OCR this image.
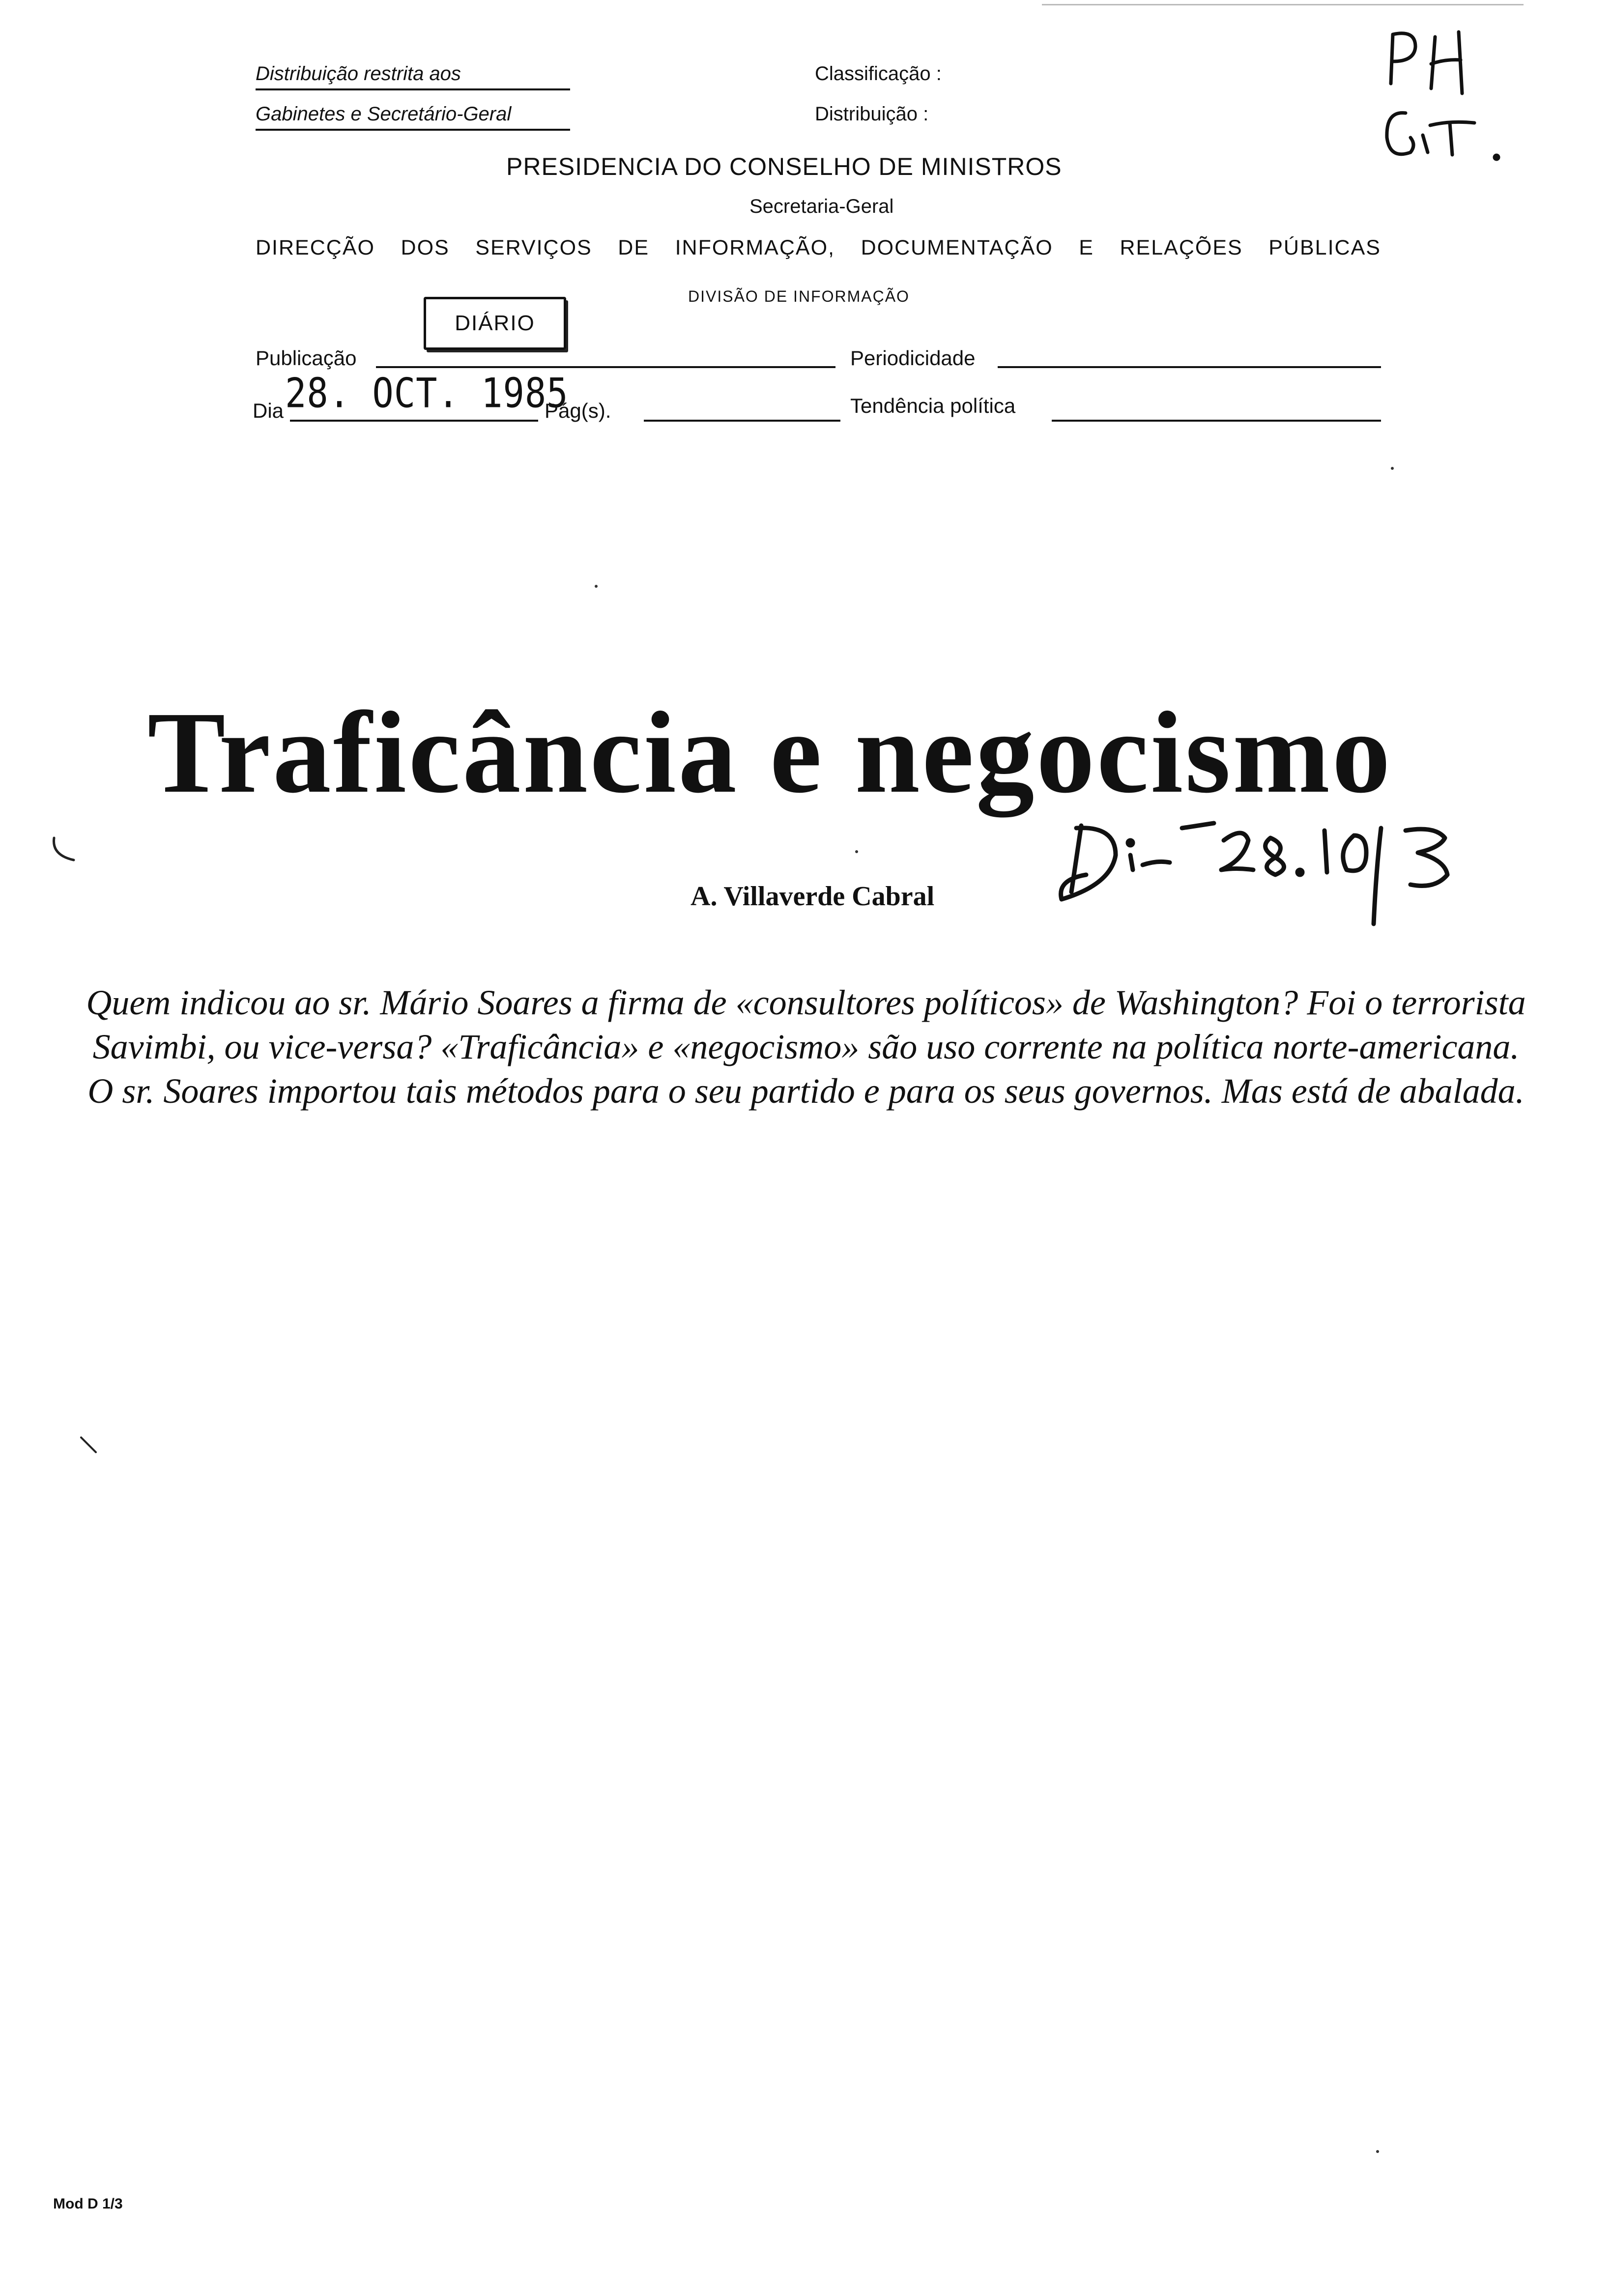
Distribuição restrita aos
Gabinetes e Secretário-Geral
Classificação :
Distribuição :
PRESIDENCIA DO CONSELHO DE MINISTROS
Secretaria-Geral
DIRECÇÃO DOS SERVIÇOS DE INFORMAÇÃO, DOCUMENTAÇÃO E RELAÇÕES PÚBLICAS
DIVISÃO DE INFORMAÇÃO
DIÁRIO
Publicação	Periodicidade
Dia 28. OCT. 1985
Pág(s).	Tendência política
Traficância e negocismo
A. Villaverde Cabral
Quem indicou ao sr. Mário Soares a firma de «consultores políticos» de Washington? Foi o terrorista Savimbi, ou vice-versa? «Traficância» e «negocismo» são uso corrente na política norte-americana. O sr. Soares importou tais métodos para o seu partido e para os seus governos. Mas está de abalada.
Mod D 1/3
